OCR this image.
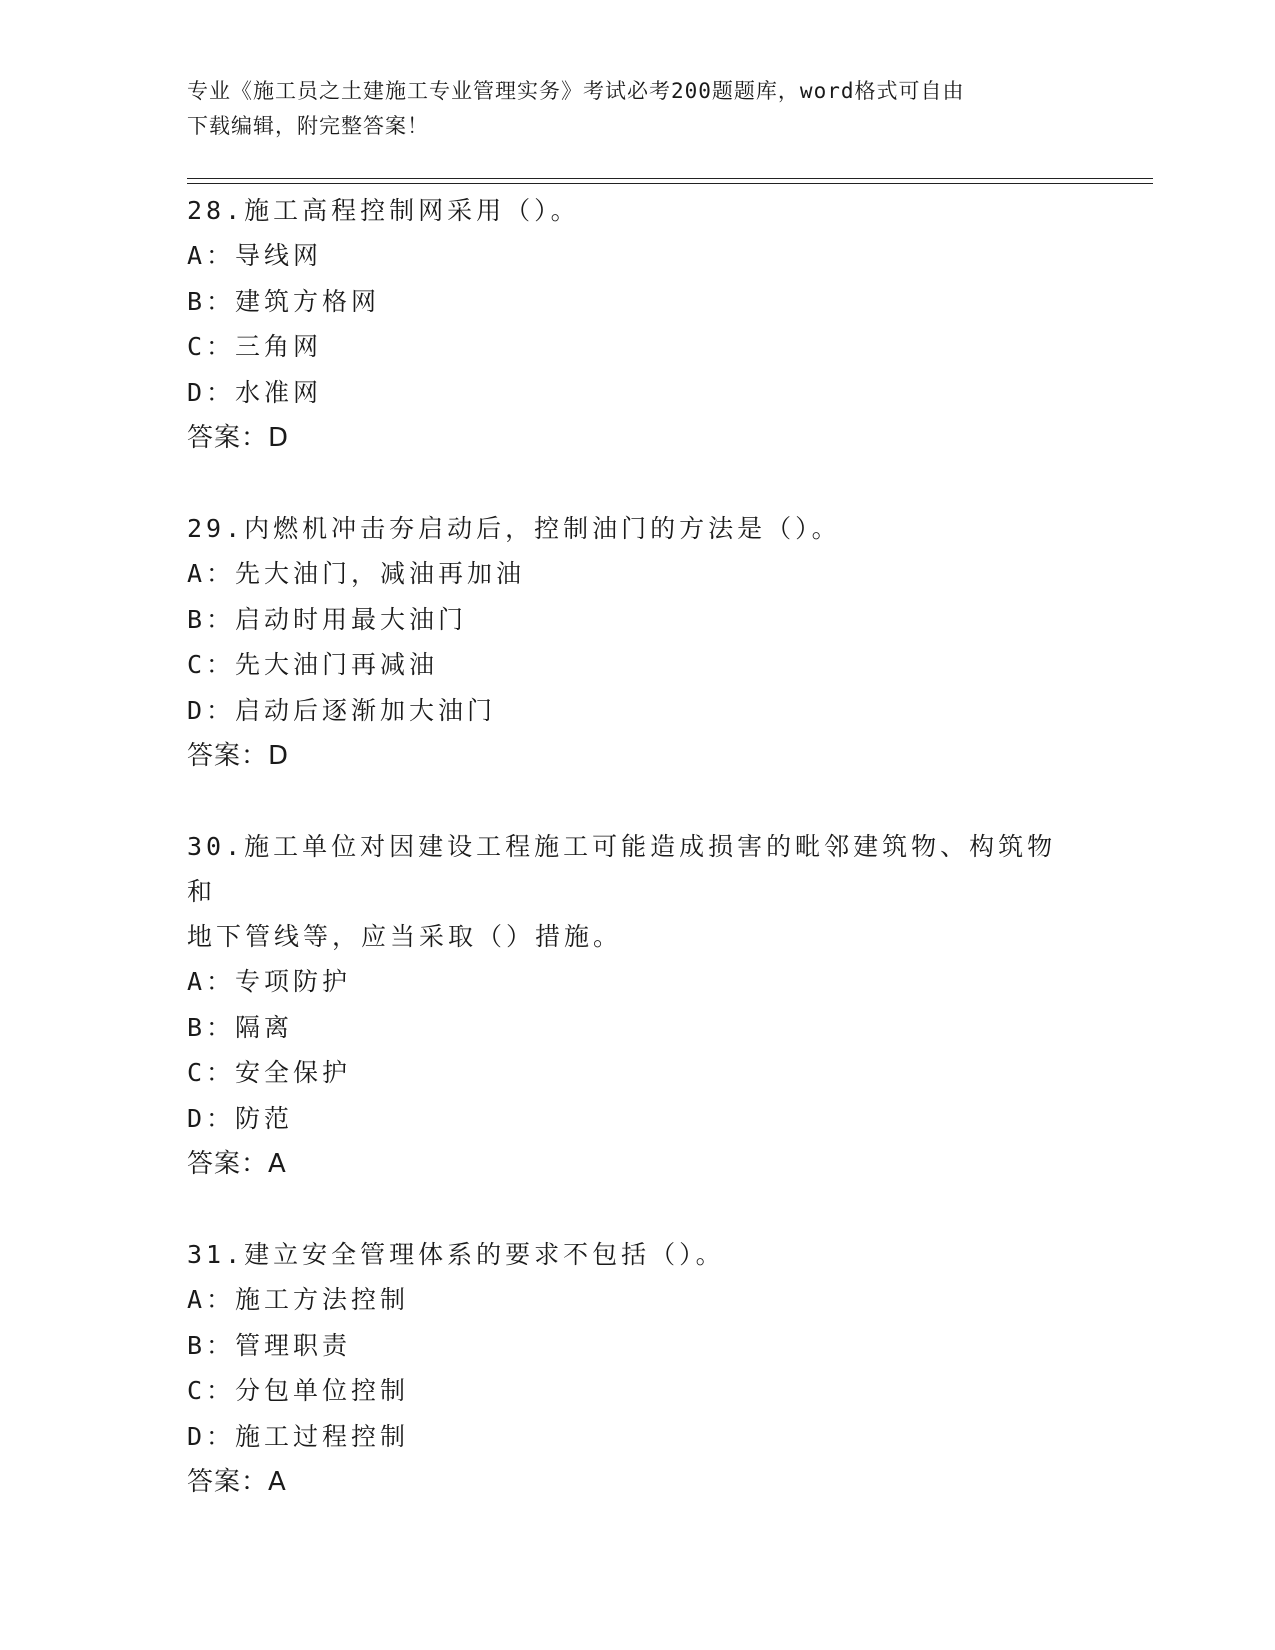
专业《施工员之土建施工专业管理实务》考试必考200题题库，word格式可自由
下载编辑，附完整答案！
28.施工高程控制网采用（）。
A：导线网
B：建筑方格网
C：三角网
D：水准网
答案：D
29.内燃机冲击夯启动后，控制油门的方法是（）。
A：先大油门，减油再加油
B：启动时用最大油门
C：先大油门再减油
D：启动后逐渐加大油门
答案：D
30.施工单位对因建设工程施工可能造成损害的毗邻建筑物、构筑物和
地下管线等，应当采取（）措施。
A：专项防护
B：隔离
C：安全保护
D：防范
答案：A
31.建立安全管理体系的要求不包括（）。
A：施工方法控制
B：管理职责
C：分包单位控制
D：施工过程控制
答案：A
